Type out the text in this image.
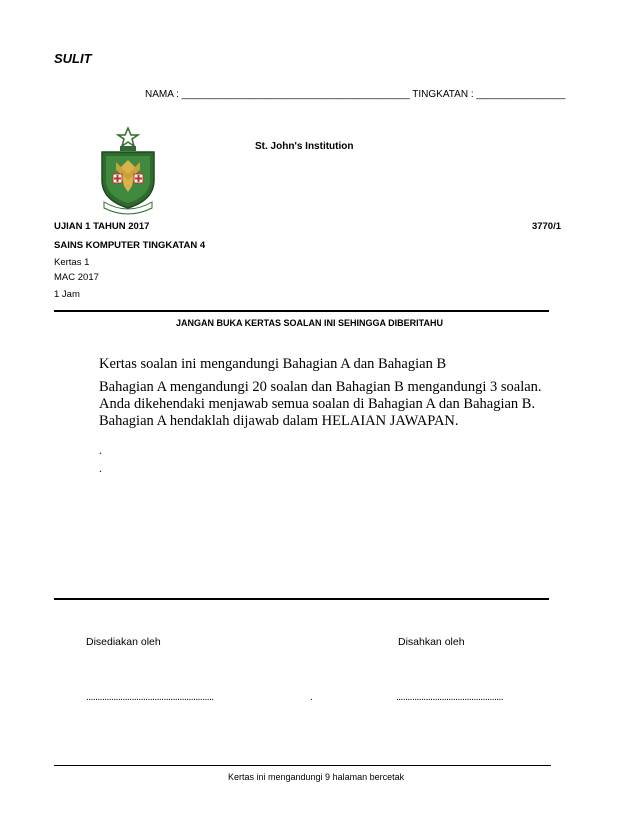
SULIT
NAMA : _________________________________________ TINGKATAN : ________________
St. John's Institution
UJIAN 1 TAHUN 2017	3770/1
SAINS KOMPUTER TINGKATAN 4
Kertas 1
MAC 2017
1 Jam
JANGAN BUKA KERTAS SOALAN INI SEHINGGA DIBERITAHU
Kertas soalan ini mengandungi Bahagian A dan Bahagian B
Bahagian A mengandungi 20 soalan dan Bahagian B mengandungi 3 soalan.
Anda dikehendaki menjawab semua soalan di Bahagian A dan Bahagian B.
Bahagian A hendaklah dijawab dalam HELAIAN JAWAPAN.
.
.
Disediakan oleh	Disahkan oleh
........................................................	.	...............................................
Kertas ini mengandungi 9 halaman bercetak
